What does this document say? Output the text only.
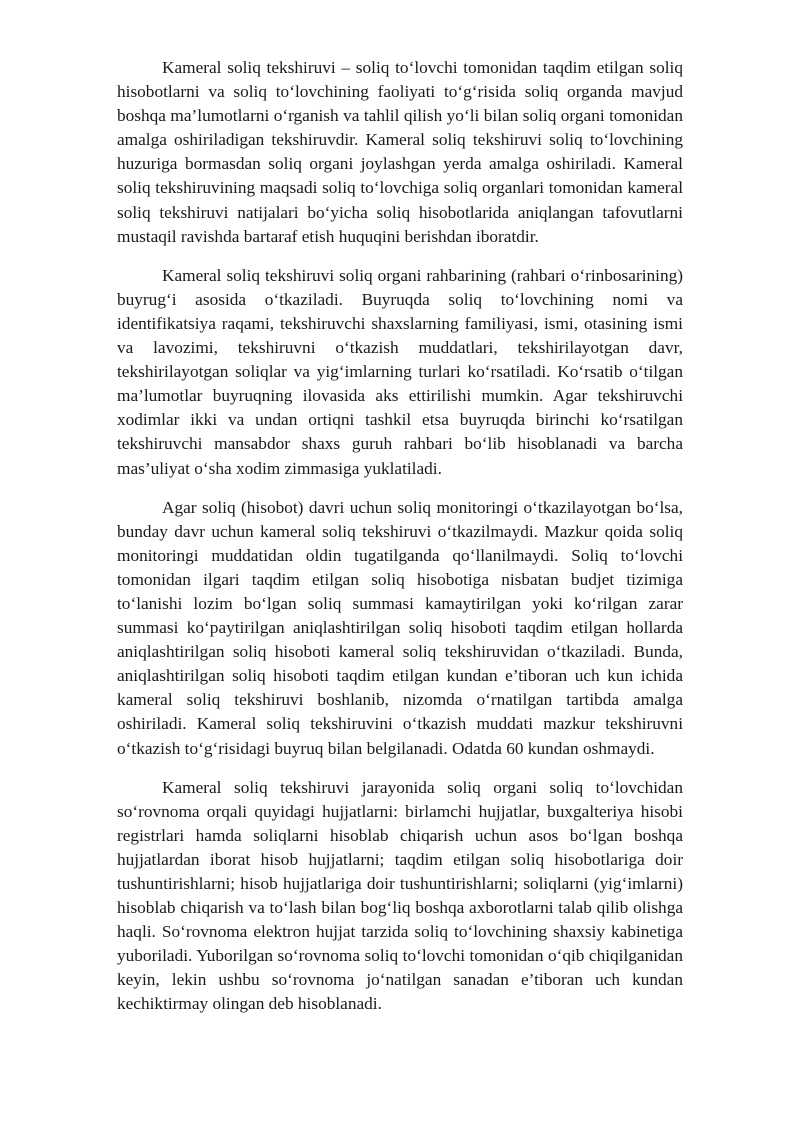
Kameral soliq tekshiruvi – soliq to‘lovchi tomonidan taqdim etilgan soliq hisobotlarni va soliq to‘lovchining faoliyati to‘g‘risida soliq organda mavjud boshqa ma’lumotlarni o‘rganish va tahlil qilish yo‘li bilan soliq organi tomonidan amalga oshiriladigan tekshiruvdir. Kameral soliq tekshiruvi soliq to‘lovchining huzuriga bormasdan soliq organi joylashgan yerda amalga oshiriladi. Kameral soliq tekshiruvining maqsadi soliq to‘lovchiga soliq organlari tomonidan kameral soliq tekshiruvi natijalari bo‘yicha soliq hisobotlarida aniqlangan tafovutlarni mustaqil ravishda bartaraf etish huquqini berishdan iboratdir.

Kameral soliq tekshiruvi soliq organi rahbarining (rahbari o‘rinbosarining) buyrug‘i asosida o‘tkaziladi. Buyruqda soliq to‘lovchining nomi va identifikatsiya raqami, tekshiruvchi shaxslarning familiyasi, ismi, otasining ismi va lavozimi, tekshiruvni o‘tkazish muddatlari, tekshirilayotgan davr, tekshirilayotgan soliqlar va yig‘imlarning turlari ko‘rsatiladi. Ko‘rsatib o‘tilgan ma’lumotlar buyruqning ilovasida aks ettirilishi mumkin. Agar tekshiruvchi xodimlar ikki va undan ortiqni tashkil etsa buyruqda birinchi ko‘rsatilgan tekshiruvchi mansabdor shaxs guruh rahbari bo‘lib hisoblanadi va barcha mas’uliyat o‘sha xodim zimmasiga yuklatiladi.

Agar soliq (hisobot) davri uchun soliq monitoringi o‘tkazilayotgan bo‘lsa, bunday davr uchun kameral soliq tekshiruvi o‘tkazilmaydi. Mazkur qoida soliq monitoringi muddatidan oldin tugatilganda qo‘llanilmaydi. Soliq to‘lovchi tomonidan ilgari taqdim etilgan soliq hisobotiga nisbatan budjet tizimiga to‘lanishi lozim bo‘lgan soliq summasi kamaytirilgan yoki ko‘rilgan zarar summasi ko‘paytirilgan aniqlashtirilgan soliq hisoboti taqdim etilgan hollarda aniqlashtirilgan soliq hisoboti kameral soliq tekshiruvidan o‘tkaziladi. Bunda, aniqlashtirilgan soliq hisoboti taqdim etilgan kundan e’tiboran uch kun ichida kameral soliq tekshiruvi boshlanib, nizomda o‘rnatilgan tartibda amalga oshiriladi. Kameral soliq tekshiruvini o‘tkazish muddati mazkur tekshiruvni o‘tkazish to‘g‘risidagi buyruq bilan belgilanadi. Odatda 60 kundan oshmaydi.

Kameral soliq tekshiruvi jarayonida soliq organi soliq to‘lovchidan so‘rovnoma orqali quyidagi hujjatlarni: birlamchi hujjatlar, buxgalteriya hisobi registrlari hamda soliqlarni hisoblab chiqarish uchun asos bo‘lgan boshqa hujjatlardan iborat hisob hujjatlarni; taqdim etilgan soliq hisobotlariga doir tushuntirishlarni; hisob hujjatlariga doir tushuntirishlarni; soliqlarni (yig‘imlarni) hisoblab chiqarish va to‘lash bilan bog‘liq boshqa axborotlarni talab qilib olishga haqli. So‘rovnoma elektron hujjat tarzida soliq to‘lovchining shaxsiy kabinetiga yuboriladi. Yuborilgan so‘rovnoma soliq to‘lovchi tomonidan o‘qib chiqilganidan keyin, lekin ushbu so‘rovnoma jo‘natilgan sanadan e’tiboran uch kundan kechiktirmay olingan deb hisoblanadi.
